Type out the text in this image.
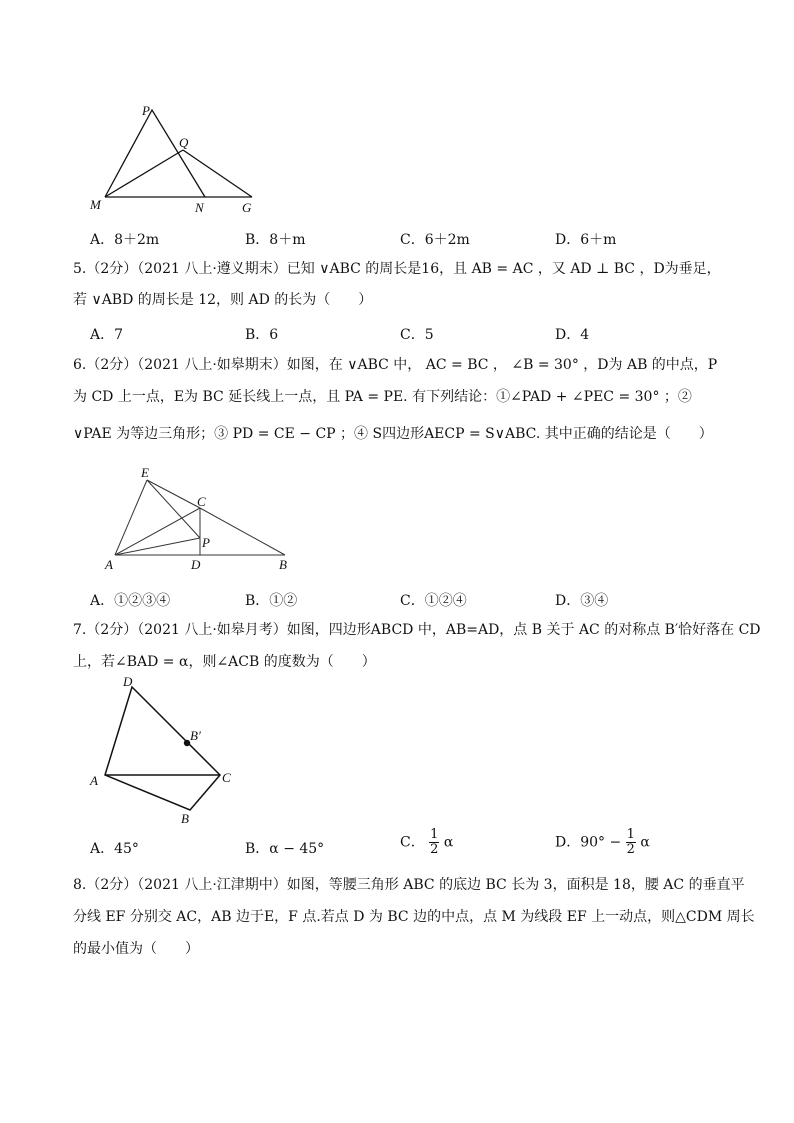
P
Q
M	N	G
A．8＋2m	B．8＋m	C．6＋2m	D．6＋m
5.（2分）（2021 八上·遵义期末）已知 ∨ABC 的周长是16，且 AB = AC ，又 AD ⊥ BC ，D为垂足，
若 ∨ABD 的周长是 12，则 AD 的长为（　　）
A．7	B．6	C．5	D．4
6.（2分）（2021 八上·如皋期末）如图，在 ∨ABC 中， AC = BC ， ∠B = 30° ，D为 AB 的中点，P
为 CD 上一点，E为 BC 延长线上一点，且 PA = PE. 有下列结论：①∠PAD + ∠PEC = 30° ；②
∨PAE 为等边三角形；③ PD = CE − CP ；④ S四边形AECP = S∨ABC. 其中正确的结论是（　　）
E
C
P
A	D	B
A．①②③④	B．①②	C．①②④	D．③④
7.（2分）（2021 八上·如皋月考）如图，四边形ABCD 中，AB=AD，点 B 关于 AC 的对称点 B′恰好落在 CD
上，若∠BAD = α，则∠ACB 的度数为（　　）
D
B′
A	C
B
A．45°	B．α − 45°	C． $\frac{1}{2}$ α	D．$90^\circ - \frac{1}{2}$ α
8.（2分）（2021 八上·江津期中）如图，等腰三角形 ABC 的底边 BC 长为 3，面积是 18，腰 AC 的垂直平
分线 EF 分别交 AC，AB 边于E，F 点.若点 D 为 BC 边的中点，点 M 为线段 EF 上一动点，则△CDM 周长
的最小值为（　　）
